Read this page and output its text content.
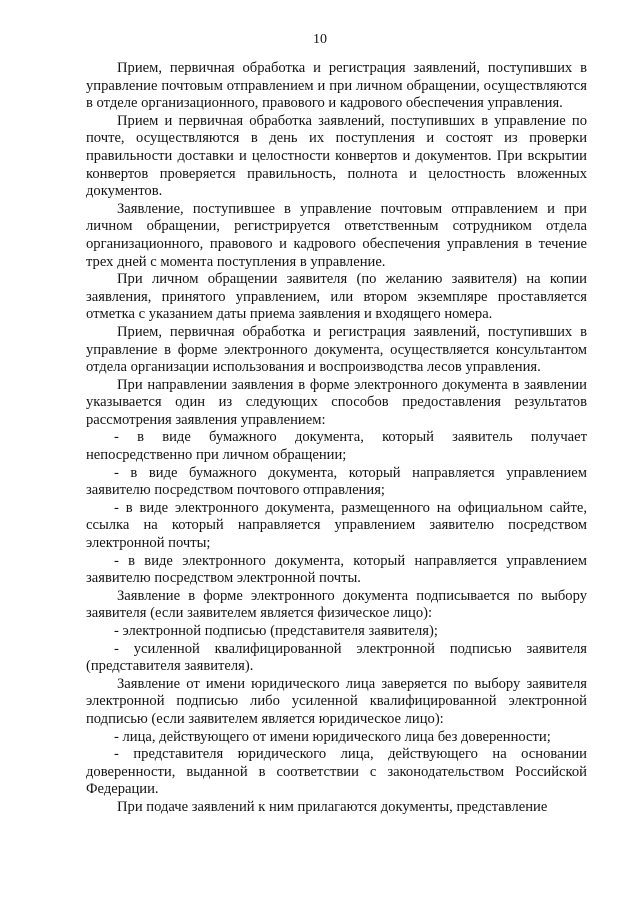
10

Прием, первичная обработка и регистрация заявлений, поступивших в управление почтовым отправлением и при личном обращении, осуществляются в отделе организационного, правового и кадрового обеспечения управления.

Прием и первичная обработка заявлений, поступивших в управление по почте, осуществляются в день их поступления и состоят из проверки правильности доставки и целостности конвертов и документов. При вскрытии конвертов проверяется правильность, полнота и целостность вложенных документов.

Заявление, поступившее в управление почтовым отправлением и при личном обращении, регистрируется ответственным сотрудником отдела организационного, правового и кадрового обеспечения управления в течение трех дней с момента поступления в управление.

При личном обращении заявителя (по желанию заявителя) на копии заявления, принятого управлением, или втором экземпляре проставляется отметка с указанием даты приема заявления и входящего номера.

Прием, первичная обработка и регистрация заявлений, поступивших в управление в форме электронного документа, осуществляется консультантом отдела организации использования и воспроизводства лесов управления.

При направлении заявления в форме электронного документа в заявлении указывается один из следующих способов предоставления результатов рассмотрения заявления управлением:

- в виде бумажного документа, который заявитель получает непосредственно при личном обращении;

- в виде бумажного документа, который направляется управлением заявителю посредством почтового отправления;

- в виде электронного документа, размещенного на официальном сайте, ссылка на который направляется управлением заявителю посредством электронной почты;

- в виде электронного документа, который направляется управлением заявителю посредством электронной почты.

Заявление в форме электронного документа подписывается по выбору заявителя (если заявителем является физическое лицо):

- электронной подписью (представителя заявителя);

- усиленной квалифицированной электронной подписью заявителя (представителя заявителя).

Заявление от имени юридического лица заверяется по выбору заявителя электронной подписью либо усиленной квалифицированной электронной подписью (если заявителем является юридическое лицо):

- лица, действующего от имени юридического лица без доверенности;

- представителя юридического лица, действующего на основании доверенности, выданной в соответствии с законодательством Российской Федерации.

При подаче заявлений к ним прилагаются документы, представление
